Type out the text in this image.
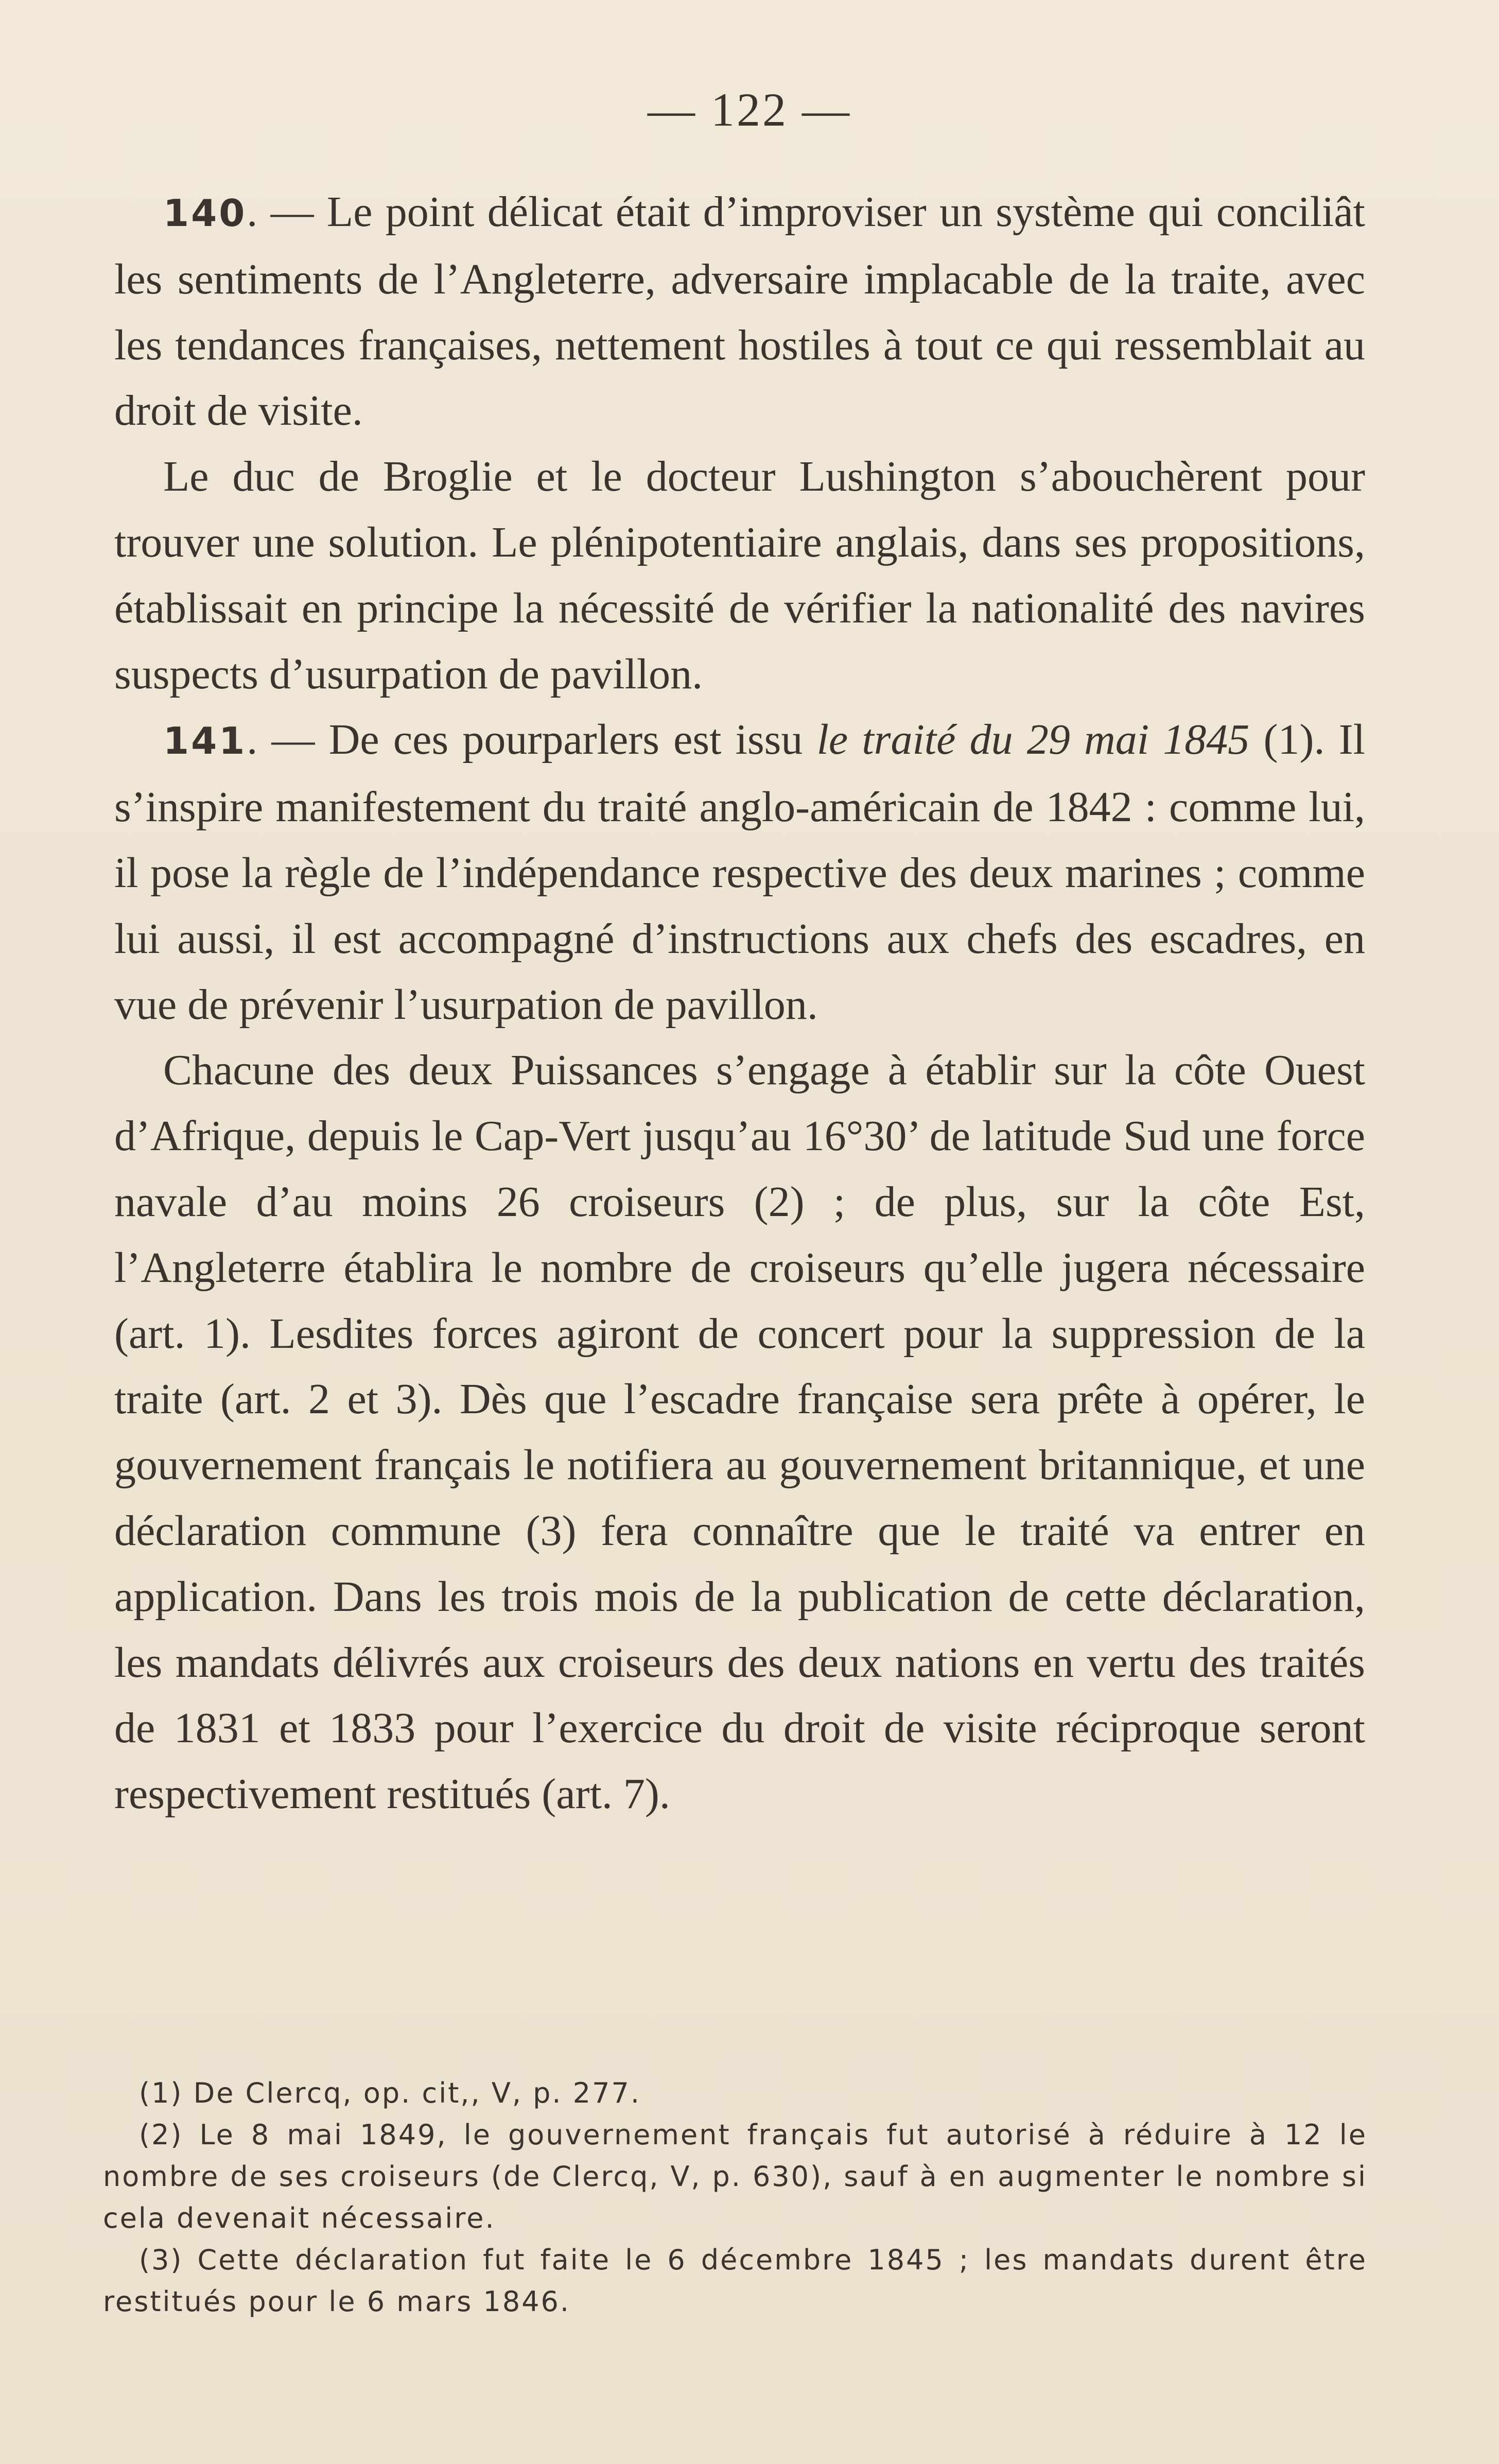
— 122 —

140. — Le point délicat était d’improviser un système qui conciliât les sentiments de l’Angleterre, adversaire implacable de la traite, avec les tendances françaises, nettement hostiles à tout ce qui ressemblait au droit de visite.

Le duc de Broglie et le docteur Lushington s’abouchèrent pour trouver une solution. Le plénipotentiaire anglais, dans ses propositions, établissait en principe la nécessité de vérifier la nationalité des navires suspects d’usurpation de pavillon.

141. — De ces pourparlers est issu le traité du 29 mai 1845 (1). Il s’inspire manifestement du traité anglo-américain de 1842 : comme lui, il pose la règle de l’indépendance respective des deux marines ; comme lui aussi, il est accompagné d’instructions aux chefs des escadres, en vue de prévenir l’usurpation de pavillon.

Chacune des deux Puissances s’engage à établir sur la côte Ouest d’Afrique, depuis le Cap-Vert jusqu’au 16°30’ de latitude Sud une force navale d’au moins 26 croiseurs (2) ; de plus, sur la côte Est, l’Angleterre établira le nombre de croiseurs qu’elle jugera nécessaire (art. 1). Lesdites forces agiront de concert pour la suppression de la traite (art. 2 et 3). Dès que l’escadre française sera prête à opérer, le gouvernement français le notifiera au gouvernement britannique, et une déclaration commune (3) fera connaître que le traité va entrer en application. Dans les trois mois de la publication de cette déclaration, les mandats délivrés aux croiseurs des deux nations en vertu des traités de 1831 et 1833 pour l’exercice du droit de visite réciproque seront respectivement restitués (art. 7).

(1) De Clercq, op. cit,, V, p. 277.

(2) Le 8 mai 1849, le gouvernement français fut autorisé à réduire à 12 le nombre de ses croiseurs (de Clercq, V, p. 630), sauf à en augmenter le nombre si cela devenait nécessaire.

(3) Cette déclaration fut faite le 6 décembre 1845 ; les mandats durent être restitués pour le 6 mars 1846.
